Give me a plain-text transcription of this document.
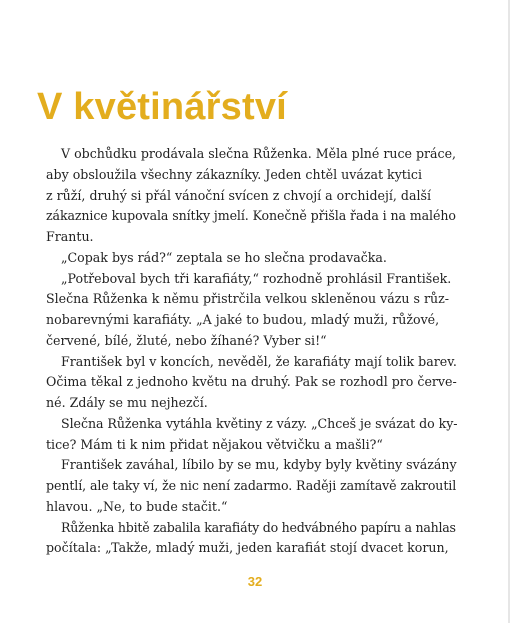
V květinářství
V obchůdku prodávala slečna Růženka. Měla plné ruce práce,
aby obsloužila všechny zákazníky. Jeden chtěl uvázat kytici
z růží, druhý si přál vánoční svícen z chvojí a orchidejí, další
zákaznice kupovala snítky jmelí. Konečně přišla řada i na malého
Frantu.
„Copak bys rád?“ zeptala se ho slečna prodavačka.
„Potřeboval bych tři karafiáty,“ rozhodně prohlásil František.
Slečna Růženka k němu přistrčila velkou skleněnou vázu s růz-
nobarevnými karafiáty. „A jaké to budou, mladý muži, růžové,
červené, bílé, žluté, nebo žíhané? Vyber si!“
František byl v koncích, nevěděl, že karafiáty mají tolik barev.
Očima těkal z jednoho květu na druhý. Pak se rozhodl pro červe-
né. Zdály se mu nejhezčí.
Slečna Růženka vytáhla květiny z vázy. „Chceš je svázat do ky-
tice? Mám ti k nim přidat nějakou větvičku a mašli?“
František zaváhal, líbilo by se mu, kdyby byly květiny svázány
pentlí, ale taky ví, že nic není zadarmo. Raději zamítavě zakroutil
hlavou. „Ne, to bude stačit.“
Růženka hbitě zabalila karafiáty do hedvábného papíru a nahlas
počítala: „Takže, mladý muži, jeden karafiát stojí dvacet korun,
32
